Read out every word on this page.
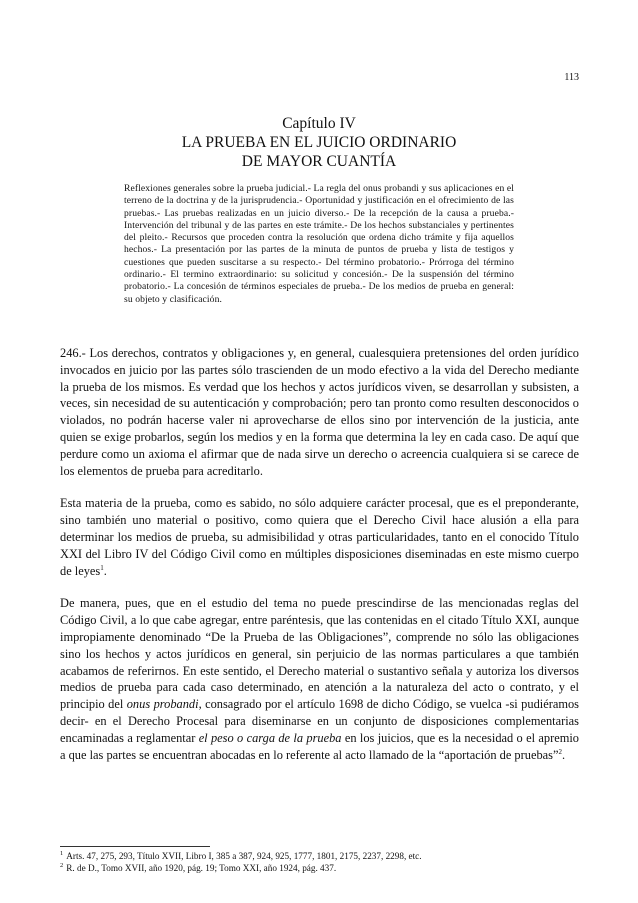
113
Capítulo IV
LA PRUEBA EN EL JUICIO ORDINARIO
DE MAYOR CUANTÍA
Reflexiones generales sobre la prueba judicial.- La regla del onus probandi y sus aplicaciones en el terreno de la doctrina y de la jurisprudencia.- Oportunidad y justificación en el ofrecimiento de las pruebas.- Las pruebas realizadas en un juicio diverso.- De la recepción de la causa a prueba.- Intervención del tribunal y de las partes en este trámite.- De los hechos substanciales y pertinentes del pleito.- Recursos que proceden contra la resolución que ordena dicho trámite y fija aquellos hechos.- La presentación por las partes de la minuta de puntos de prueba y lista de testigos y cuestiones que pueden suscitarse a su respecto.- Del término probatorio.- Prórroga del término ordinario.- El termino extraordinario: su solicitud y concesión.- De la suspensión del término probatorio.- La concesión de términos especiales de prueba.- De los medios de prueba en general: su objeto y clasificación.

246.- Los derechos, contratos y obligaciones y, en general, cualesquiera pretensiones del orden jurídico invocados en juicio por las partes sólo trascienden de un modo efectivo a la vida del Derecho mediante la prueba de los mismos. Es verdad que los hechos y actos jurídicos viven, se desarrollan y subsisten, a veces, sin necesidad de su autenticación y comprobación; pero tan pronto como resulten desconocidos o violados, no podrán hacerse valer ni aprovecharse de ellos sino por intervención de la justicia, ante quien se exige probarlos, según los medios y en la forma que determina la ley en cada caso. De aquí que perdure como un axioma el afirmar que de nada sirve un derecho o acreencia cualquiera si se carece de los elementos de prueba para acreditarlo.

Esta materia de la prueba, como es sabido, no sólo adquiere carácter procesal, que es el preponderante, sino también uno material o positivo, como quiera que el Derecho Civil hace alusión a ella para determinar los medios de prueba, su admisibilidad y otras particularidades, tanto en el conocido Título XXI del Libro IV del Código Civil como en múltiples disposiciones diseminadas en este mismo cuerpo de leyes$^1$.

De manera, pues, que en el estudio del tema no puede prescindirse de las mencionadas reglas del Código Civil, a lo que cabe agregar, entre paréntesis, que las contenidas en el citado Título XXI, aunque impropiamente denominado “De la Prueba de las Obligaciones”, comprende no sólo las obligaciones sino los hechos y actos jurídicos en general, sin perjuicio de las normas particulares a que también acabamos de referirnos. En este sentido, el Derecho material o sustantivo señala y autoriza los diversos medios de prueba para cada caso determinado, en atención a la naturaleza del acto o contrato, y el principio del onus probandi, consagrado por el artículo 1698 de dicho Código, se vuelca -si pudiéramos decir- en el Derecho Procesal para diseminarse en un conjunto de disposiciones complementarias encaminadas a reglamentar el peso o carga de la prueba en los juicios, que es la necesidad o el apremio a que las partes se encuentran abocadas en lo referente al acto llamado de la “aportación de pruebas”$^2$.

$^1$ Arts. 47, 275, 293, Título XVII, Libro I, 385 a 387, 924, 925, 1777, 1801, 2175, 2237, 2298, etc.
$^2$ R. de D., Tomo XVII, año 1920, pág. 19; Tomo XXI, año 1924, pág. 437.
